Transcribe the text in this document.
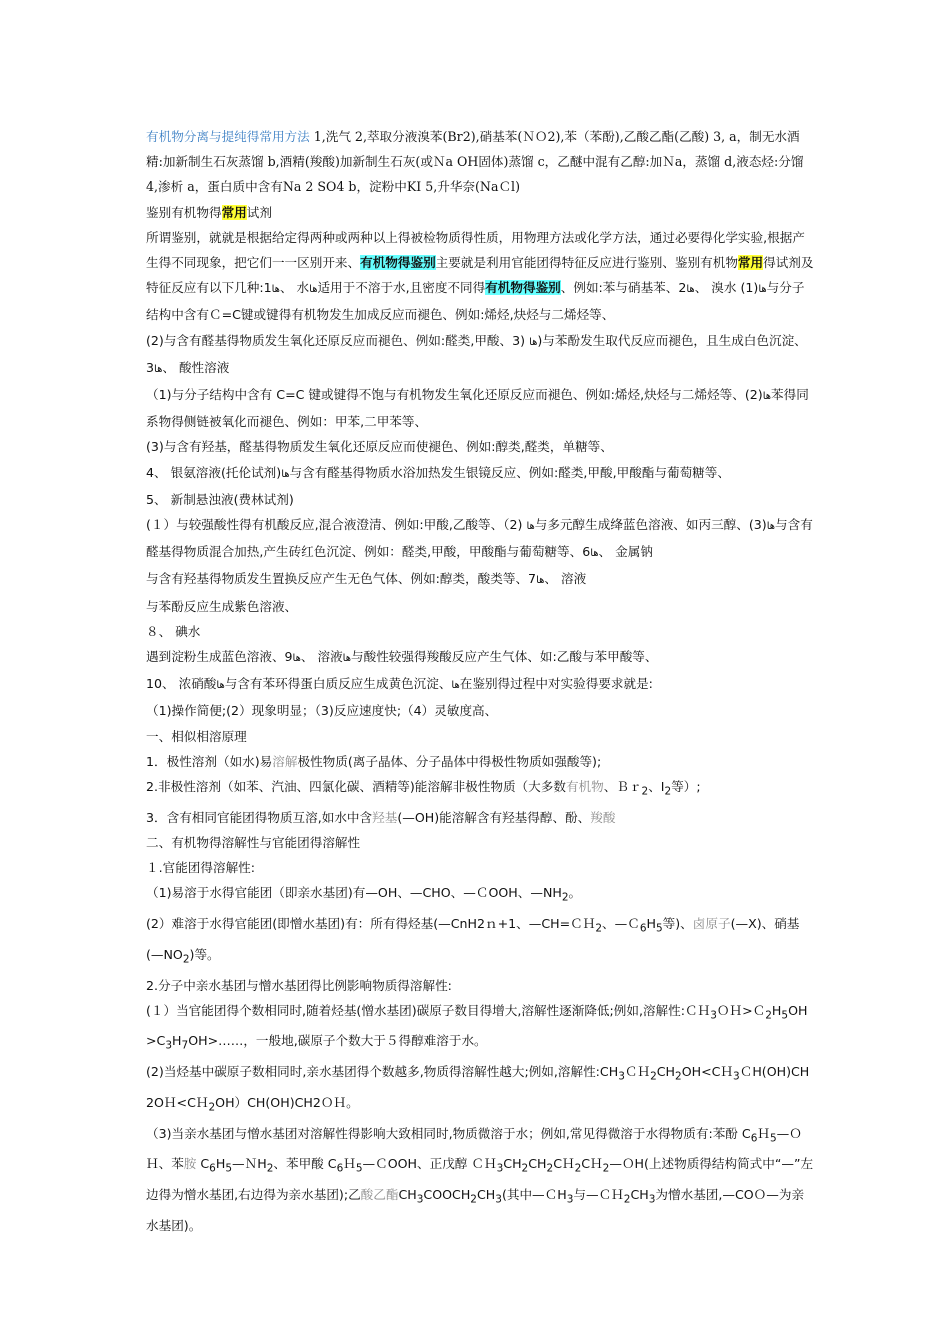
有机物分离与提纯得常用方法 1,洗气 2,萃取分液溴苯(Br2),硝基苯(ＮＯ2),苯（苯酚),乙酸乙酯(乙酸) 3, a，制无水酒精:加新制生石灰蒸馏 b,酒精(羧酸)加新制生石灰(或Ｎa OH固体)蒸馏 c，乙醚中混有乙醇:加Ｎa，蒸馏 d,液态烃:分馏 4,渗析 a，蛋白质中含有Na 2 SO4 b，淀粉中KI 5,升华奈(NaＣl)

鉴别有机物得常用试剂

所谓鉴别，就就是根据给定得两种或两种以上得被检物质得性质，用物理方法或化学方法，通过必要得化学实验,根据产生得不同现象，把它们一一区别开来、有机物得鉴别主要就是利用官能团得特征反应进行鉴别、鉴别有机物常用得试剂及特征反应有以下几种:1ها、 水ها适用于不溶于水,且密度不同得有机物得鉴别、例如:苯与硝基苯、2ها、 溴水 (1)ها与分子结构中含有Ｃ=C键或键得有机物发生加成反应而褪色、例如:烯烃,炔烃与二烯烃等、

(2)与含有醛基得物质发生氧化还原反应而褪色、例如:醛类,甲酸、3) ها)与苯酚发生取代反应而褪色，且生成白色沉淀、3ها、 酸性溶液

（1)与分子结构中含有 C=C 键或键得不饱与有机物发生氧化还原反应而褪色、例如:烯烃,炔烃与二烯烃等、(2)ها苯得同系物得侧链被氧化而褪色、例如：甲苯,二甲苯等、

(3)与含有羟基，醛基得物质发生氧化还原反应而使褪色、例如:醇类,醛类，单糖等、

4、 银氨溶液(托伦试剂)ها与含有醛基得物质水浴加热发生银镜反应、例如:醛类,甲酸,甲酸酯与葡萄糖等、

5、 新制悬浊液(费林试剂)

(１）与较强酸性得有机酸反应,混合液澄清、例如:甲酸,乙酸等、（2) ها与多元醇生成绛蓝色溶液、如丙三醇、(3)ها与含有醛基得物质混合加热,产生砖红色沉淀、例如：醛类,甲酸，甲酸酯与葡萄糖等、6ها、 金属钠

与含有羟基得物质发生置换反应产生无色气体、例如:醇类，酸类等、7ها、 溶液

与苯酚反应生成紫色溶液、

８、 碘水

遇到淀粉生成蓝色溶液、9ها、 溶液ها与酸性较强得羧酸反应产生气体、如:乙酸与苯甲酸等、

10、 浓硝酸ها与含有苯环得蛋白质反应生成黄色沉淀、ها在鉴别得过程中对实验得要求就是:

（1)操作简便;(2）现象明显；（3)反应速度快;（4）灵敏度高、

一、相似相溶原理

1．极性溶剂（如水)易溶解极性物质(离子晶体、分子晶体中得极性物质如强酸等);

2.非极性溶剂（如苯、汽油、四氯化碳、酒精等)能溶解非极性物质（大多数有机物、Ｂｒ$_2$、$I_2$等）;

3．含有相同官能团得物质互溶,如水中含羟基(—OH)能溶解含有羟基得醇、酚、羧酸

二、有机物得溶解性与官能团得溶解性

１.官能团得溶解性:

（1)易溶于水得官能团（即亲水基团)有—OH、—CHO、—ＣOOH、$—NH_2$。

(2）难溶于水得官能团(即憎水基团)有：所有得烃基(—CnH2ｎ+1、—CH=ＣＨ$_2$、$—C_6H_5$等)、卤原子(—X)、硝基$(—NO_2)$等。

2.分子中亲水基团与憎水基团得比例影响物质得溶解性:

(１）当官能团得个数相同时,随着烃基(憎水基团)碳原子数目得增大,溶解性逐渐降低;例如,溶解性$:CH_3OH>C_2H_5OH>C_3H_7OH>\dots\dots$，一般地,碳原子个数大于５得醇难溶于水。

(2)当烃基中碳原子数相同时,亲水基团得个数越多,物质得溶解性越大;例如,溶解性$:CH_3CH_2CH_2OH<CH_3CH(OH)CH2OH<CH_2OH)CH(OH)CH2OH$。

（3)当亲水基团与憎水基团对溶解性得影响大致相同时,物质微溶于水；例如,常见得微溶于水得物质有:苯酚 $C_6H_5—OH$、苯胺 $C_6H_5—NH_2$、苯甲酸 $C_6H_5—COOH$、正戊醇 $CH_3CH_2CH_2CH_2CH_2—OH$(上述物质得结构简式中“—”左边得为憎水基团,右边得为亲水基团);乙酸乙酯$CH_3COOCH_2CH_3$(其中—ＣH$_3$与$—CH_2CH_3$为憎水基团,—COＯ—为亲水基团)。
